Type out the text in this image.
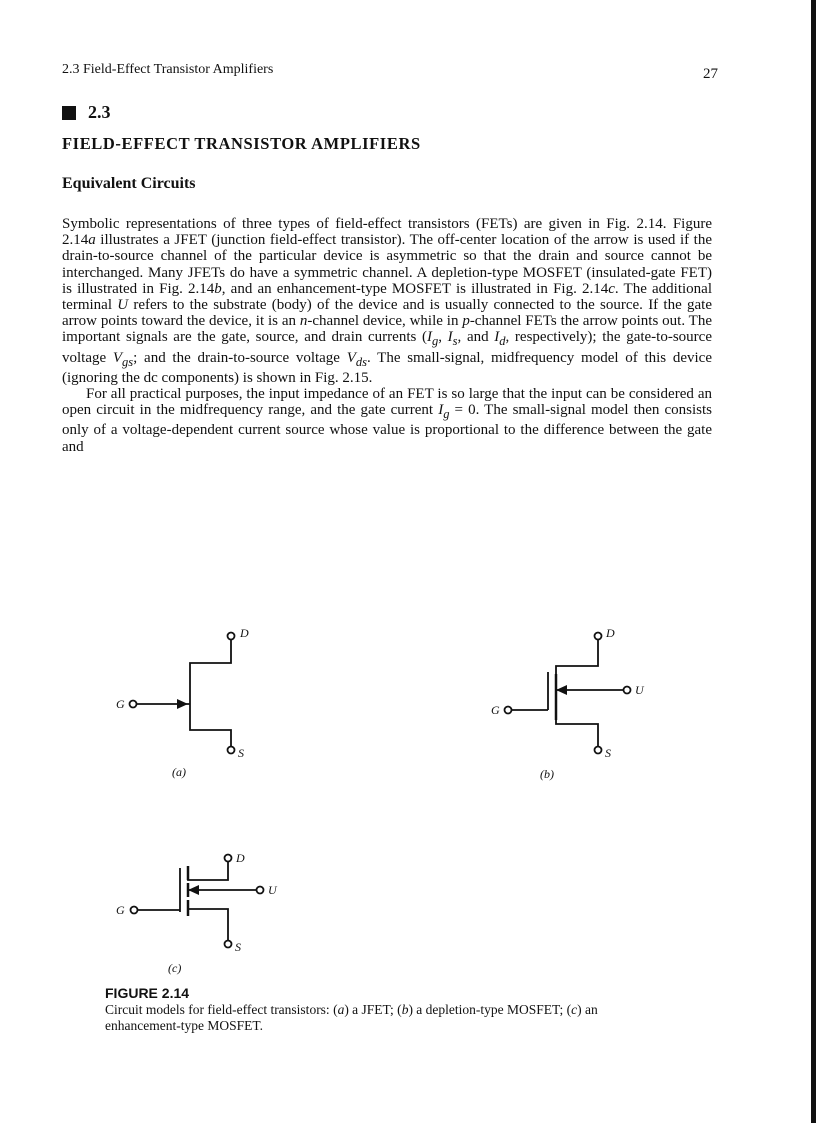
2.3 Field-Effect Transistor Amplifiers	27
2.3
FIELD-EFFECT TRANSISTOR AMPLIFIERS
Equivalent Circuits

Symbolic representations of three types of field-effect transistors (FETs) are given in Fig. 2.14. Figure 2.14a illustrates a JFET (junction field-effect transistor). The off-center location of the arrow is used if the drain-to-source channel of the particular device is asymmetric so that the drain and source cannot be interchanged. Many JFETs do have a symmetric channel. A depletion-type MOSFET (insulated-gate FET) is illustrated in Fig. 2.14b, and an enhancement-type MOSFET is illustrated in Fig. 2.14c. The additional terminal U refers to the substrate (body) of the device and is usually connected to the source. If the gate arrow points toward the device, it is an n-channel device, while in p-channel FETs the arrow points out. The important signals are the gate, source, and drain currents ($I_g$, $I_s$, and $I_d$, respectively); the gate-to-source voltage $V_{gs}$; and the drain-to-source voltage $V_{ds}$. The small-signal, midfrequency model of this device (ignoring the dc components) is shown in Fig. 2.15.

For all practical purposes, the input impedance of an FET is so large that the input can be considered an open circuit in the midfrequency range, and the gate current $I_g = 0$. The small-signal model then consists only of a voltage-dependent current source whose value is proportional to the difference between the gate and

D
G
S
(a)
D
U
G
S
(b)
D
U
G
S
(c)
FIGURE 2.14
Circuit models for field-effect transistors: (a) a JFET; (b) a depletion-type MOSFET; (c) an enhancement-type MOSFET.
